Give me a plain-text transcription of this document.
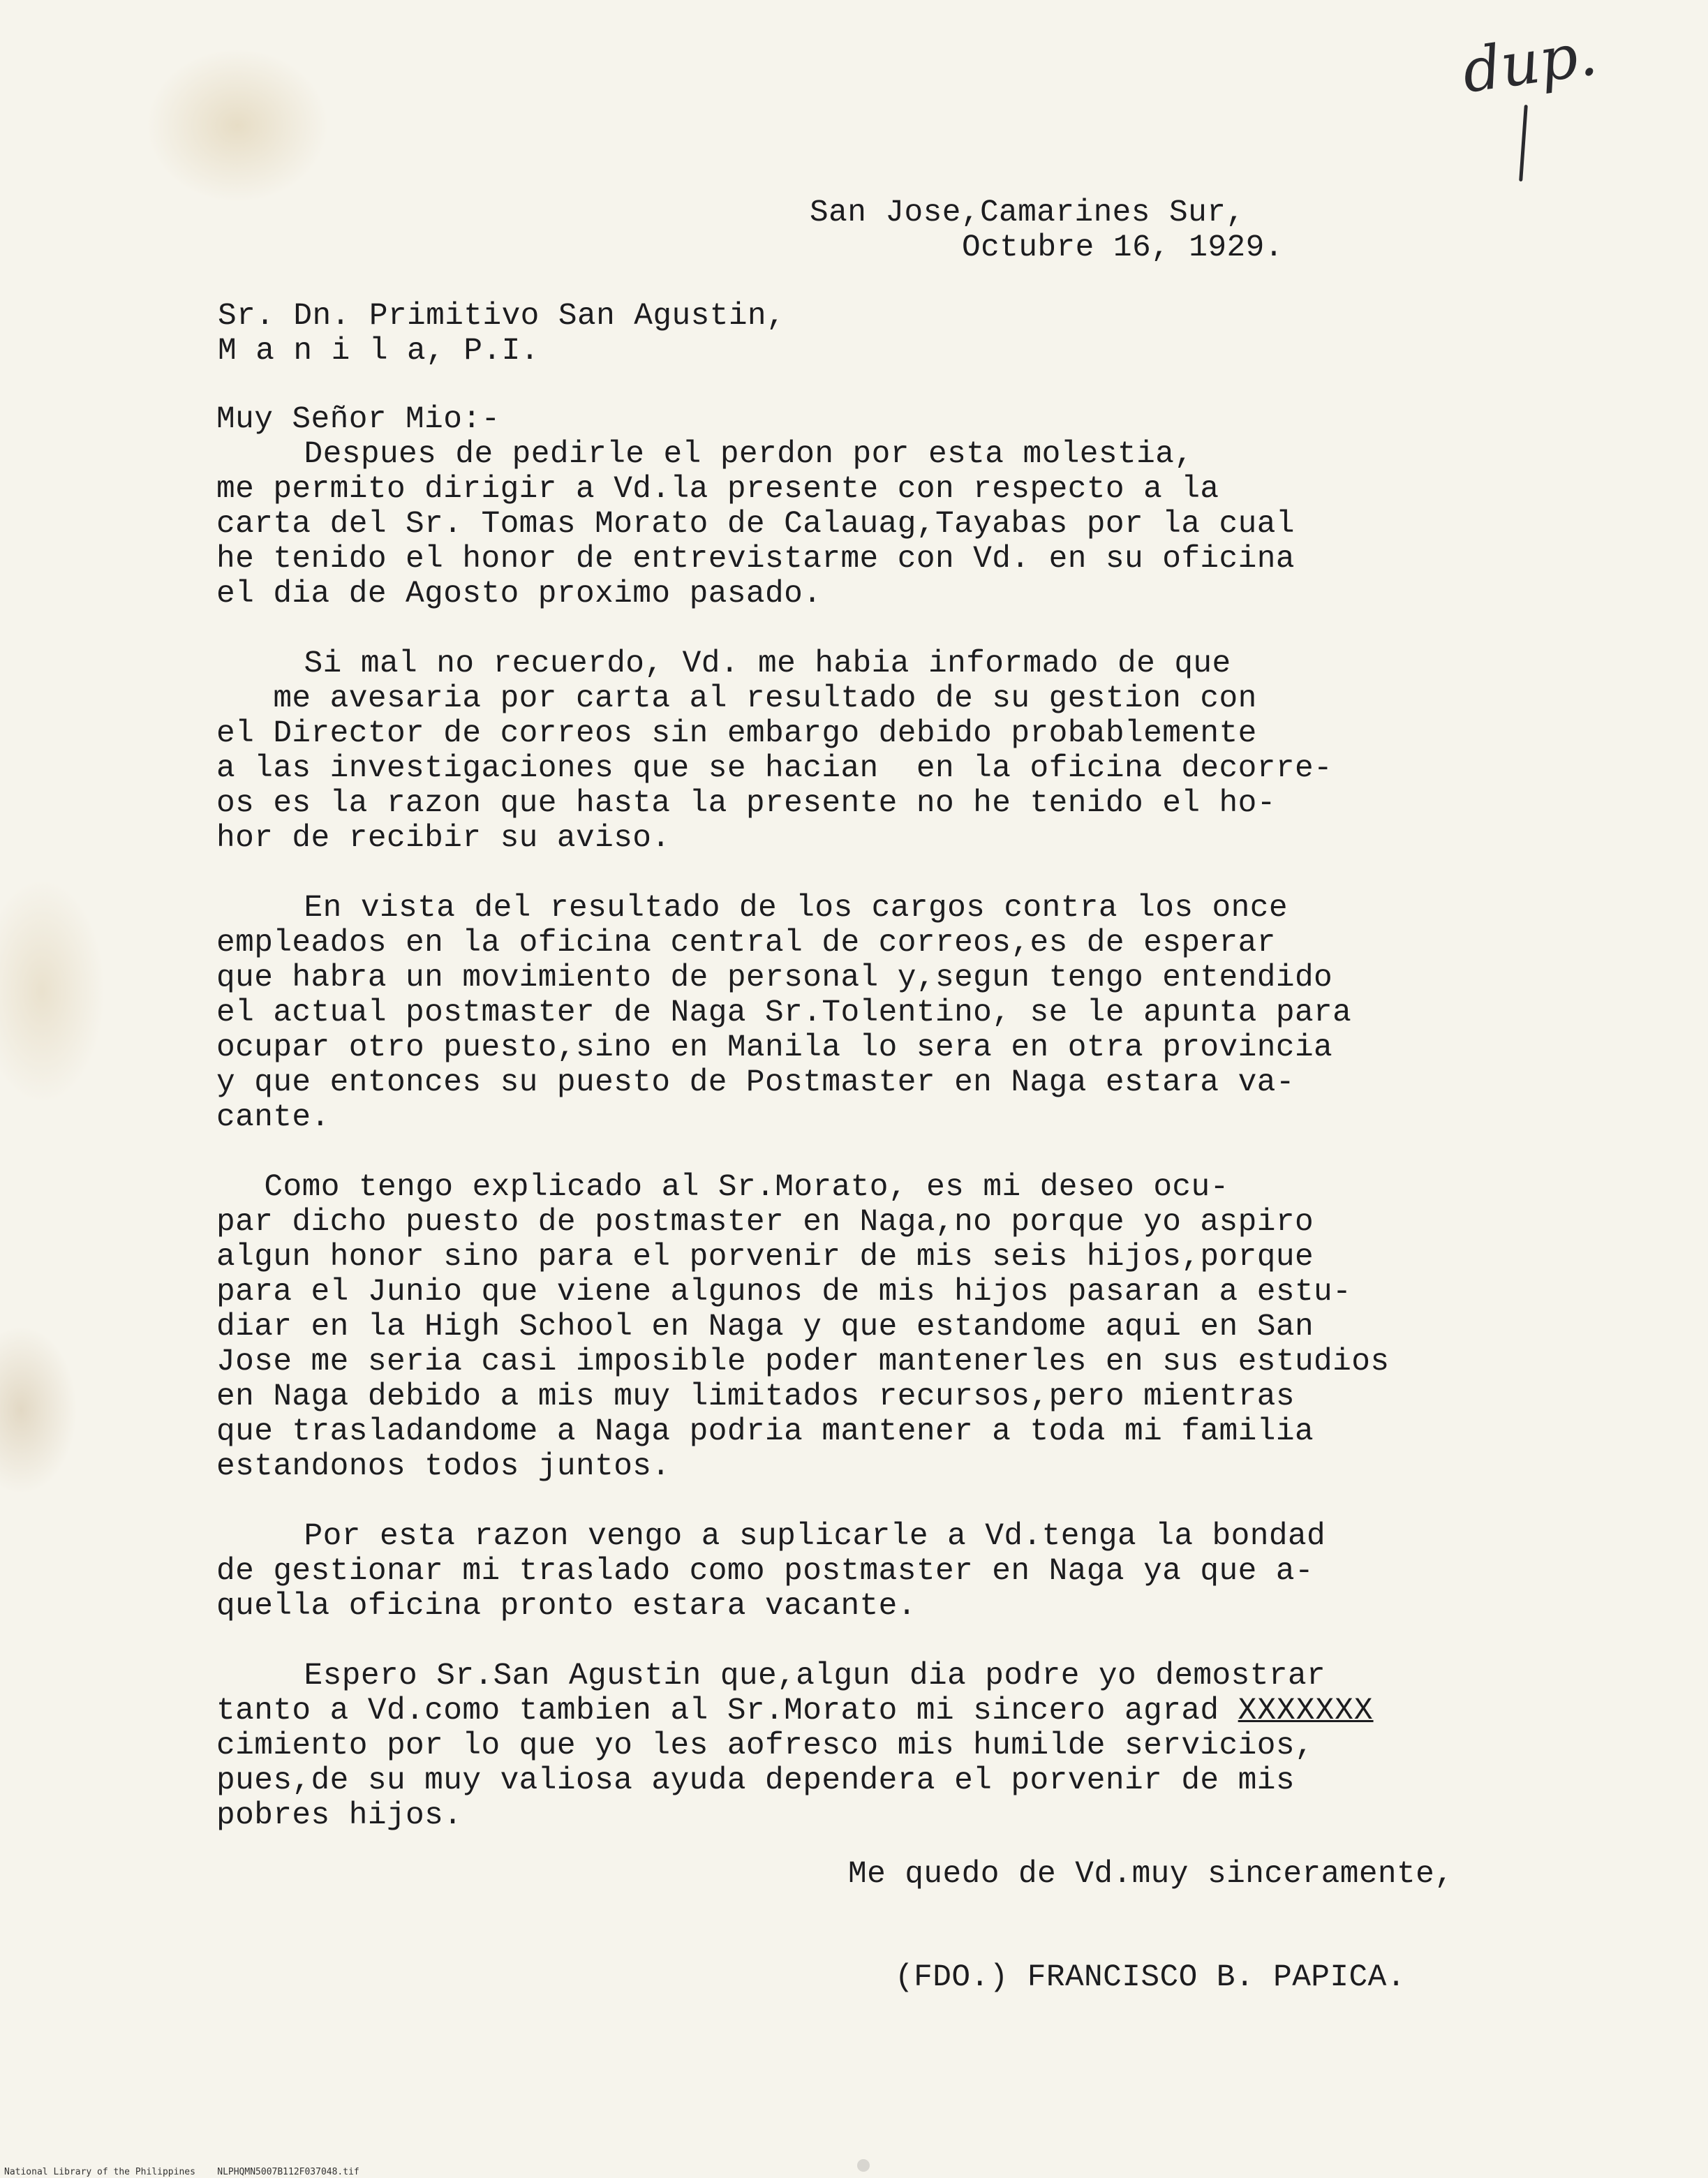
dup.

San Jose,Camarines Sur,

Octubre 16, 1929.

Sr. Dn. Primitivo San Agustin,

M a n i l a, P.I.

Muy Señor Mio:-

Despues de pedirle el perdon por esta molestia,

me permito dirigir a Vd.la presente con respecto a la

carta del Sr. Tomas Morato de Calauag,Tayabas por la cual

he tenido el honor de entrevistarme con Vd. en su oficina

el dia de Agosto proximo pasado.

Si mal no recuerdo, Vd. me habia informado de que

me avesaria por carta al resultado de su gestion con

el Director de correos sin embargo debido probablemente

a las investigaciones que se hacian  en la oficina decorre-

os es la razon que hasta la presente no he tenido el ho-

hor de recibir su aviso.

En vista del resultado de los cargos contra los once

empleados en la oficina central de correos,es de esperar

que habra un movimiento de personal y,segun tengo entendido

el actual postmaster de Naga Sr.Tolentino, se le apunta para

ocupar otro puesto,sino en Manila lo sera en otra provincia

y que entonces su puesto de Postmaster en Naga estara va-

cante.

Como tengo explicado al Sr.Morato, es mi deseo ocu-

par dicho puesto de postmaster en Naga,no porque yo aspiro

algun honor sino para el porvenir de mis seis hijos,porque

para el Junio que viene algunos de mis hijos pasaran a estu-

diar en la High School en Naga y que estandome aqui en San

Jose me seria casi imposible poder mantenerles en sus estudios

en Naga debido a mis muy limitados recursos,pero mientras

que trasladandome a Naga podria mantener a toda mi familia

estandonos todos juntos.

Por esta razon vengo a suplicarle a Vd.tenga la bondad

de gestionar mi traslado como postmaster en Naga ya que a-

quella oficina pronto estara vacante.

Espero Sr.San Agustin que,algun dia podre yo demostrar

tanto a Vd.como tambien al Sr.Morato mi sincero agrad XXXXXXX

cimiento por lo que yo les aofresco mis humilde servicios,

pues,de su muy valiosa ayuda dependera el porvenir de mis

pobres hijos.

Me quedo de Vd.muy sinceramente,

(FDO.) FRANCISCO B. PAPICA.

National Library of the Philippines NLPHQMN5007B112F037048.tif
